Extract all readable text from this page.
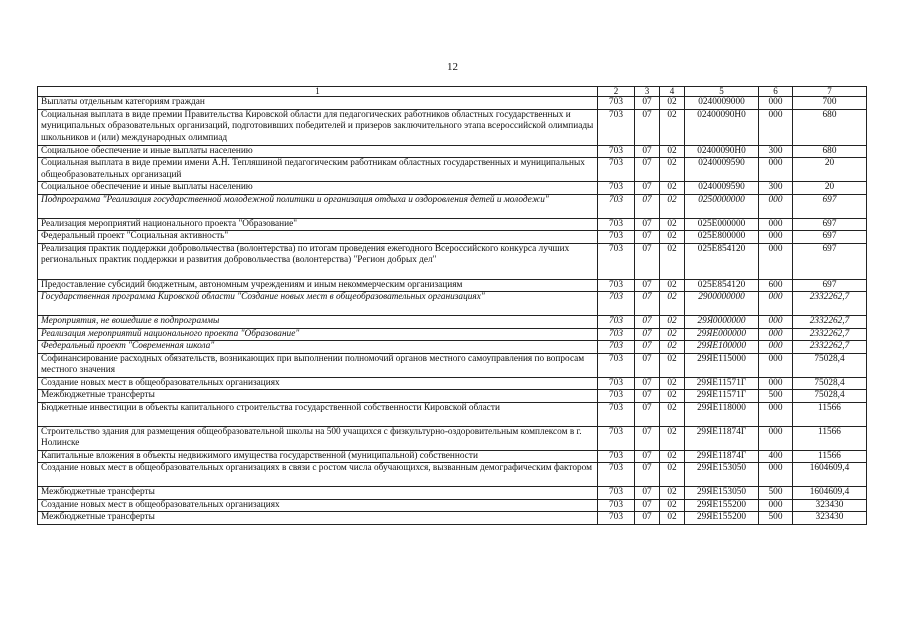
12
1	2	3	4	5	6	7
Выплаты отдельным категориям граждан	703	07	02	0240009000	000	700
Социальная выплата в виде премии Правительства Кировской области для педагогических работников областных государственных и муниципальных образовательных организаций, подготовивших победителей и призеров заключительного этапа всероссийской олимпиады школьников и (или) международных олимпиад	703	07	02	02400090Н0	000	680
Социальное обеспечение и иные выплаты населению	703	07	02	02400090Н0	300	680
Социальная выплата в виде премии имени А.Н. Тепляшиной педагогическим работникам областных государственных и муниципальных общеобразовательных организаций	703	07	02	0240009590	000	20
Социальное обеспечение и иные выплаты населению	703	07	02	0240009590	300	20
Подпрограмма "Реализация государственной молодежной политики и организация отдыха и оздоровления детей и молодежи"	703	07	02	0250000000	000	697
Реализация мероприятий национального проекта "Образование"	703	07	02	025Е000000	000	697
Федеральный проект "Социальная активность"	703	07	02	025Е800000	000	697
Реализация практик поддержки добровольчества (волонтерства) по итогам проведения ежегодного Всероссийского конкурса лучших региональных практик поддержки и развития добровольчества (волонтерства) "Регион добрых дел"	703	07	02	025Е854120	000	697
Предоставление субсидий бюджетным, автономным учреждениям и иным некоммерческим организациям	703	07	02	025Е854120	600	697
Государственная программа Кировской области "Создание новых мест в общеобразовательных организациях"	703	07	02	2900000000	000	2332262,7
Мероприятия, не вошедшие в подпрограммы	703	07	02	29Я0000000	000	2332262,7
Реализация мероприятий национального проекта "Образование"	703	07	02	29ЯЕ000000	000	2332262,7
Федеральный проект "Современная школа"	703	07	02	29ЯЕ100000	000	2332262,7
Софинансирование расходных обязательств, возникающих при выполнении полномочий органов местного самоуправления по вопросам местного значения	703	07	02	29ЯЕ115000	000	75028,4
Создание новых мест в общеобразовательных организациях	703	07	02	29ЯЕ11571Г	000	75028,4
Межбюджетные трансферты	703	07	02	29ЯЕ11571Г	500	75028,4
Бюджетные инвестиции в объекты капитального строительства государственной собственности Кировской области	703	07	02	29ЯЕ118000	000	11566
Строительство здания для размещения общеобразовательной школы на 500 учащихся с физкультурно-оздоровительным комплексом в г. Нолинске	703	07	02	29ЯЕ11874Г	000	11566
Капитальные вложения в объекты недвижимого имущества государственной (муниципальной) собственности	703	07	02	29ЯЕ11874Г	400	11566
Создание новых мест в общеобразовательных организациях в связи с ростом числа обучающихся, вызванным демографическим фактором	703	07	02	29ЯЕ153050	000	1604609,4
Межбюджетные трансферты	703	07	02	29ЯЕ153050	500	1604609,4
Создание новых мест в общеобразовательных организациях	703	07	02	29ЯЕ155200	000	323430
Межбюджетные трансферты	703	07	02	29ЯЕ155200	500	323430
